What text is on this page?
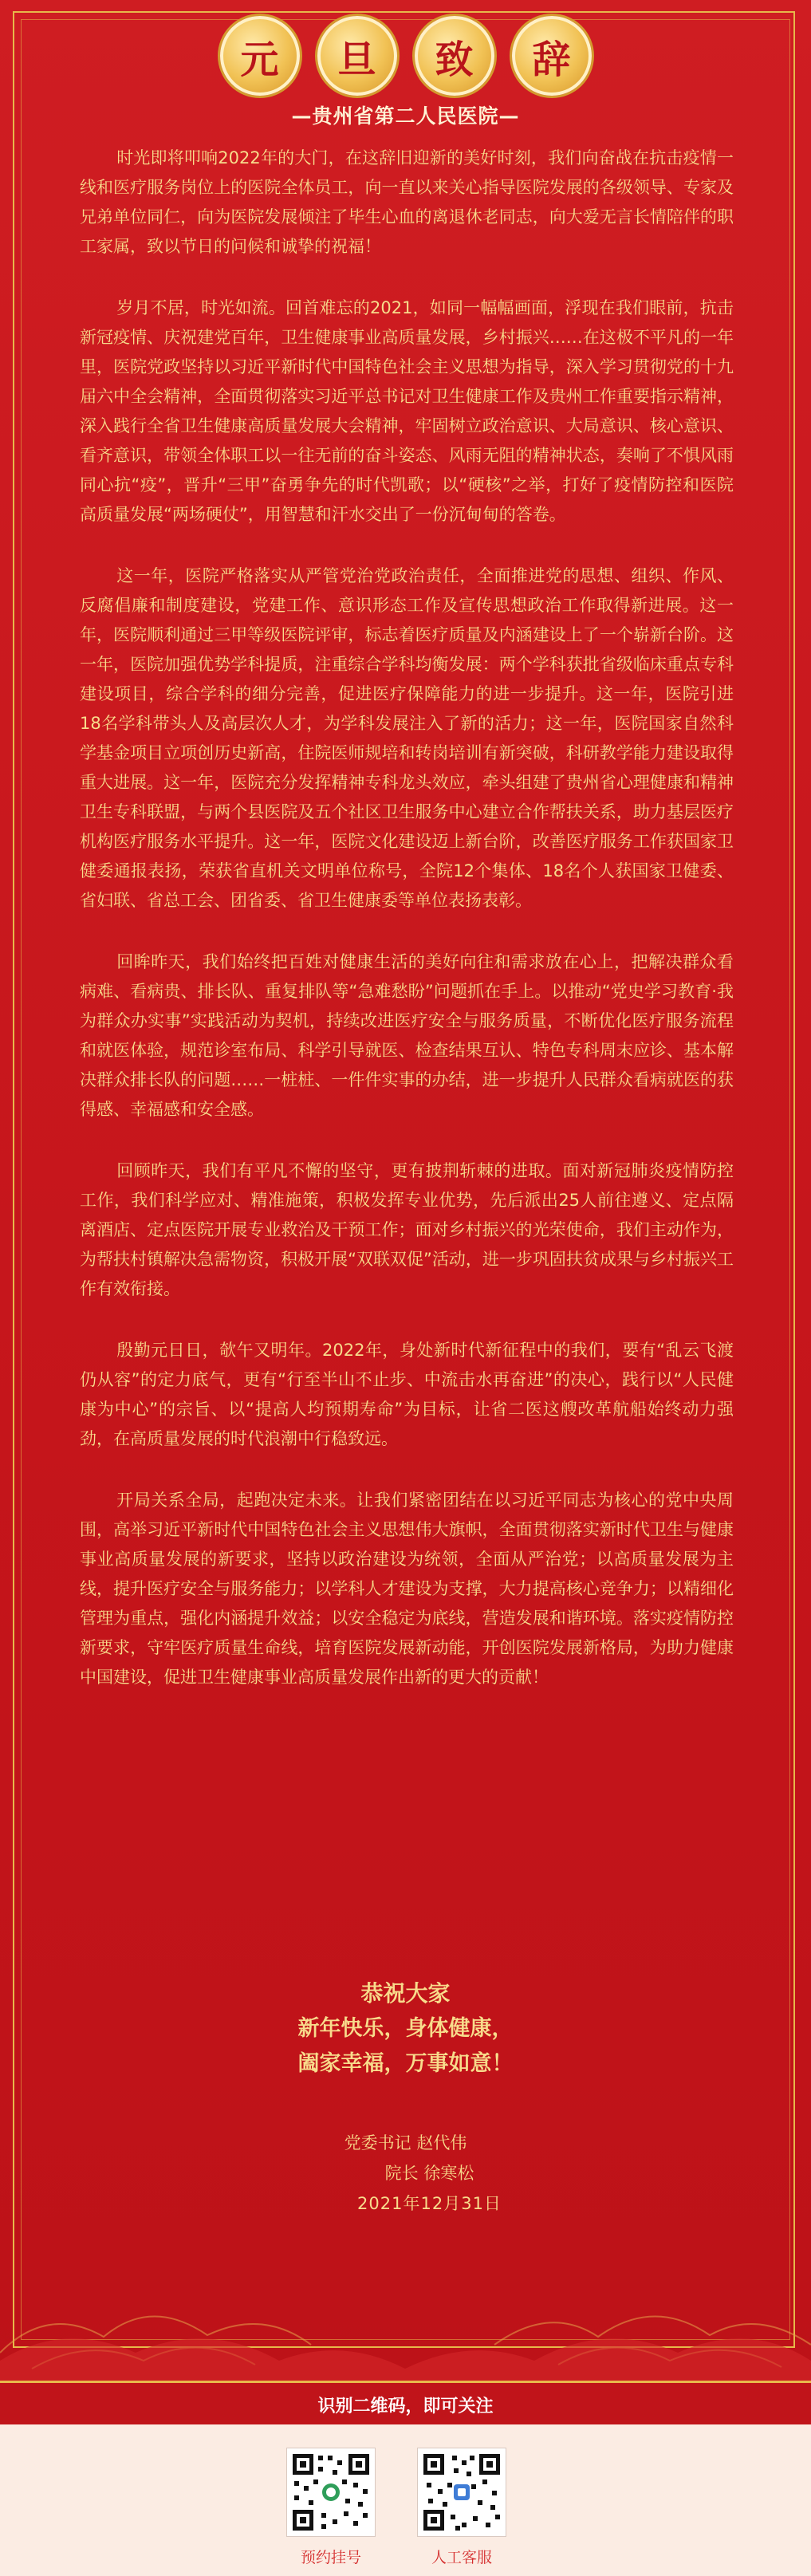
元	旦	致	辞
—贵州省第二人民医院—

时光即将叩响2022年的大门，在这辞旧迎新的美好时刻，我们向奋战在抗击疫情一线和医疗服务岗位上的医院全体员工，向一直以来关心指导医院发展的各级领导、专家及兄弟单位同仁，向为医院发展倾注了毕生心血的离退休老同志，向大爱无言长情陪伴的职工家属，致以节日的问候和诚挚的祝福！

岁月不居，时光如流。回首难忘的2021，如同一幅幅画面，浮现在我们眼前，抗击新冠疫情、庆祝建党百年，卫生健康事业高质量发展，乡村振兴……在这极不平凡的一年里，医院党政坚持以习近平新时代中国特色社会主义思想为指导，深入学习贯彻党的十九届六中全会精神，全面贯彻落实习近平总书记对卫生健康工作及贵州工作重要指示精神，深入践行全省卫生健康高质量发展大会精神，牢固树立政治意识、大局意识、核心意识、看齐意识，带领全体职工以一往无前的奋斗姿态、风雨无阻的精神状态，奏响了不惧风雨同心抗“疫”，晋升“三甲”奋勇争先的时代凯歌；以“硬核”之举，打好了疫情防控和医院高质量发展“两场硬仗”，用智慧和汗水交出了一份沉甸甸的答卷。

这一年，医院严格落实从严管党治党政治责任，全面推进党的思想、组织、作风、反腐倡廉和制度建设，党建工作、意识形态工作及宣传思想政治工作取得新进展。这一年，医院顺利通过三甲等级医院评审，标志着医疗质量及内涵建设上了一个崭新台阶。这一年，医院加强优势学科提质，注重综合学科均衡发展：两个学科获批省级临床重点专科建设项目，综合学科的细分完善，促进医疗保障能力的进一步提升。这一年，医院引进18名学科带头人及高层次人才，为学科发展注入了新的活力；这一年，医院国家自然科学基金项目立项创历史新高，住院医师规培和转岗培训有新突破，科研教学能力建设取得重大进展。这一年，医院充分发挥精神专科龙头效应，牵头组建了贵州省心理健康和精神卫生专科联盟，与两个县医院及五个社区卫生服务中心建立合作帮扶关系，助力基层医疗机构医疗服务水平提升。这一年，医院文化建设迈上新台阶，改善医疗服务工作获国家卫健委通报表扬，荣获省直机关文明单位称号，全院12个集体、18名个人获国家卫健委、省妇联、省总工会、团省委、省卫生健康委等单位表扬表彰。

回眸昨天，我们始终把百姓对健康生活的美好向往和需求放在心上，把解决群众看病难、看病贵、排长队、重复排队等“急难愁盼”问题抓在手上。以推动“党史学习教育·我为群众办实事”实践活动为契机，持续改进医疗安全与服务质量，不断优化医疗服务流程和就医体验，规范诊室布局、科学引导就医、检查结果互认、特色专科周末应诊、基本解决群众排长队的问题……一桩桩、一件件实事的办结，进一步提升人民群众看病就医的获得感、幸福感和安全感。

回顾昨天，我们有平凡不懈的坚守，更有披荆斩棘的进取。面对新冠肺炎疫情防控工作，我们科学应对、精准施策，积极发挥专业优势，先后派出25人前往遵义、定点隔离酒店、定点医院开展专业救治及干预工作；面对乡村振兴的光荣使命，我们主动作为，为帮扶村镇解决急需物资，积极开展“双联双促”活动，进一步巩固扶贫成果与乡村振兴工作有效衔接。

殷勤元日日，欹午又明年。2022年，身处新时代新征程中的我们，要有“乱云飞渡仍从容”的定力底气，更有“行至半山不止步、中流击水再奋进”的决心，践行以“人民健康为中心”的宗旨、以“提高人均预期寿命”为目标，让省二医这艘改革航船始终动力强劲，在高质量发展的时代浪潮中行稳致远。

开局关系全局，起跑决定未来。让我们紧密团结在以习近平同志为核心的党中央周围，高举习近平新时代中国特色社会主义思想伟大旗帜，全面贯彻落实新时代卫生与健康事业高质量发展的新要求，坚持以政治建设为统领，全面从严治党；以高质量发展为主线，提升医疗安全与服务能力；以学科人才建设为支撑，大力提高核心竞争力；以精细化管理为重点，强化内涵提升效益；以安全稳定为底线，营造发展和谐环境。落实疫情防控新要求，守牢医疗质量生命线，培育医院发展新动能，开创医院发展新格局，为助力健康中国建设，促进卫生健康事业高质量发展作出新的更大的贡献！

恭祝大家
新年快乐，身体健康，
阖家幸福，万事如意！
党委书记 赵代伟
院长 徐寒松
2021年12月31日
识别二维码，即可关注
预约挂号	人工客服
